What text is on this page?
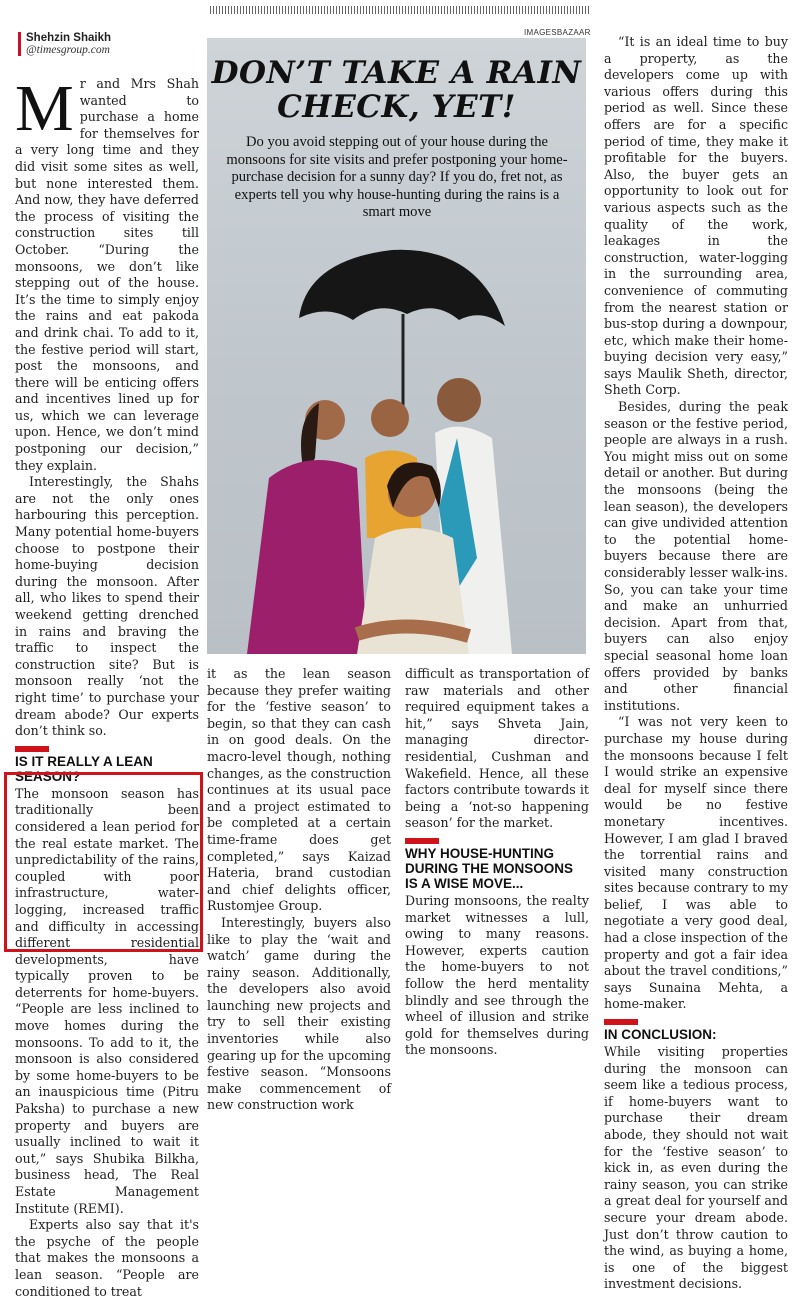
Shehzin Shaikh
@timesgroup.com
M r and Mrs Shah wanted to purchase a home for themselves for a very long time and they did visit some sites as well, but none interested them. And now, they have deferred the process of visiting the construction sites till October. “During the monsoons, we don’t like stepping out of the house. It’s the time to simply enjoy the rains and eat pakoda and drink chai. To add to it, the festive period will start, post the monsoons, and there will be enticing offers and incentives lined up for us, which we can leverage upon. Hence, we don’t mind postponing our decision,” they explain.

Interestingly, the Shahs are not the only ones harbouring this perception. Many potential home-buyers choose to postpone their home-buying decision during the monsoon. After all, who likes to spend their weekend getting drenched in rains and braving the traffic to inspect the construction site? But is monsoon really ‘not the right time’ to purchase your dream abode? Our experts don’t think so.

IS IT REALLY A LEAN SEASON?

The monsoon season has traditionally been considered a lean period for the real estate market. The unpredictability of the rains, coupled with poor infrastructure, water-logging, increased traffic and difficulty in accessing different residential developments, have typically proven to be deterrents for home-buyers. “People are less inclined to move homes during the monsoons. To add to it, the monsoon is also considered by some home-buyers to be an inauspicious time (Pitru Paksha) to purchase a new property and buyers are usually inclined to wait it out,” says Shubika Bilkha, business head, The Real Estate Management Institute (REMI).

Experts also say that it's the psyche of the people that makes the monsoons a lean season. “People are conditioned to treat

DON’T TAKE A RAIN CHECK, YET!
Do you avoid stepping out of your house during the monsoons for site visits and prefer postponing your home-purchase decision for a sunny day? If you do, fret not, as experts tell you why house-hunting during the rains is a smart move
IMAGESBAZAAR

it as the lean season because they prefer waiting for the ‘festive season’ to begin, so that they can cash in on good deals. On the macro-level though, nothing changes, as the construction continues at its usual pace and a project estimated to be completed at a certain time-frame does get completed,” says Kaizad Hateria, brand custodian and chief delights officer, Rustomjee Group.

Interestingly, buyers also like to play the ‘wait and watch’ game during the rainy season. Additionally, the developers also avoid launching new projects and try to sell their existing inventories while also gearing up for the upcoming festive season. “Monsoons make commencement of new construction work

difficult as transportation of raw materials and other required equipment takes a hit,” says Shveta Jain, managing director-residential, Cushman and Wakefield. Hence, all these factors contribute towards it being a ‘not-so happening season’ for the market.

WHY HOUSE-HUNTING DURING THE MONSOONS IS A WISE MOVE...

During monsoons, the realty market witnesses a lull, owing to many reasons. However, experts caution the home-buyers to not follow the herd mentality blindly and see through the wheel of illusion and strike gold for themselves during the monsoons.

“It is an ideal time to buy a property, as the developers come up with various offers during this period as well. Since these offers are for a specific period of time, they make it profitable for the buyers. Also, the buyer gets an opportunity to look out for various aspects such as the quality of the work, leakages in the construction, water-logging in the surrounding area, convenience of commuting from the nearest station or bus-stop during a downpour, etc, which make their home-buying decision very easy,” says Maulik Sheth, director, Sheth Corp.

Besides, during the peak season or the festive period, people are always in a rush. You might miss out on some detail or another. But during the monsoons (being the lean season), the developers can give undivided attention to the potential home-buyers because there are considerably lesser walk-ins. So, you can take your time and make an unhurried decision. Apart from that, buyers can also enjoy special seasonal home loan offers provided by banks and other financial institutions.

“I was not very keen to purchase my house during the monsoons because I felt I would strike an expensive deal for myself since there would be no festive monetary incentives. However, I am glad I braved the torrential rains and visited many construction sites because contrary to my belief, I was able to negotiate a very good deal, had a close inspection of the property and got a fair idea about the travel conditions,” says Sunaina Mehta, a home-maker.

IN CONCLUSION:

While visiting properties during the monsoon can seem like a tedious process, if home-buyers want to purchase their dream abode, they should not wait for the ‘festive season’ to kick in, as even during the rainy season, you can strike a great deal for yourself and secure your dream abode. Just don’t throw caution to the wind, as buying a home, is one of the biggest investment decisions.
